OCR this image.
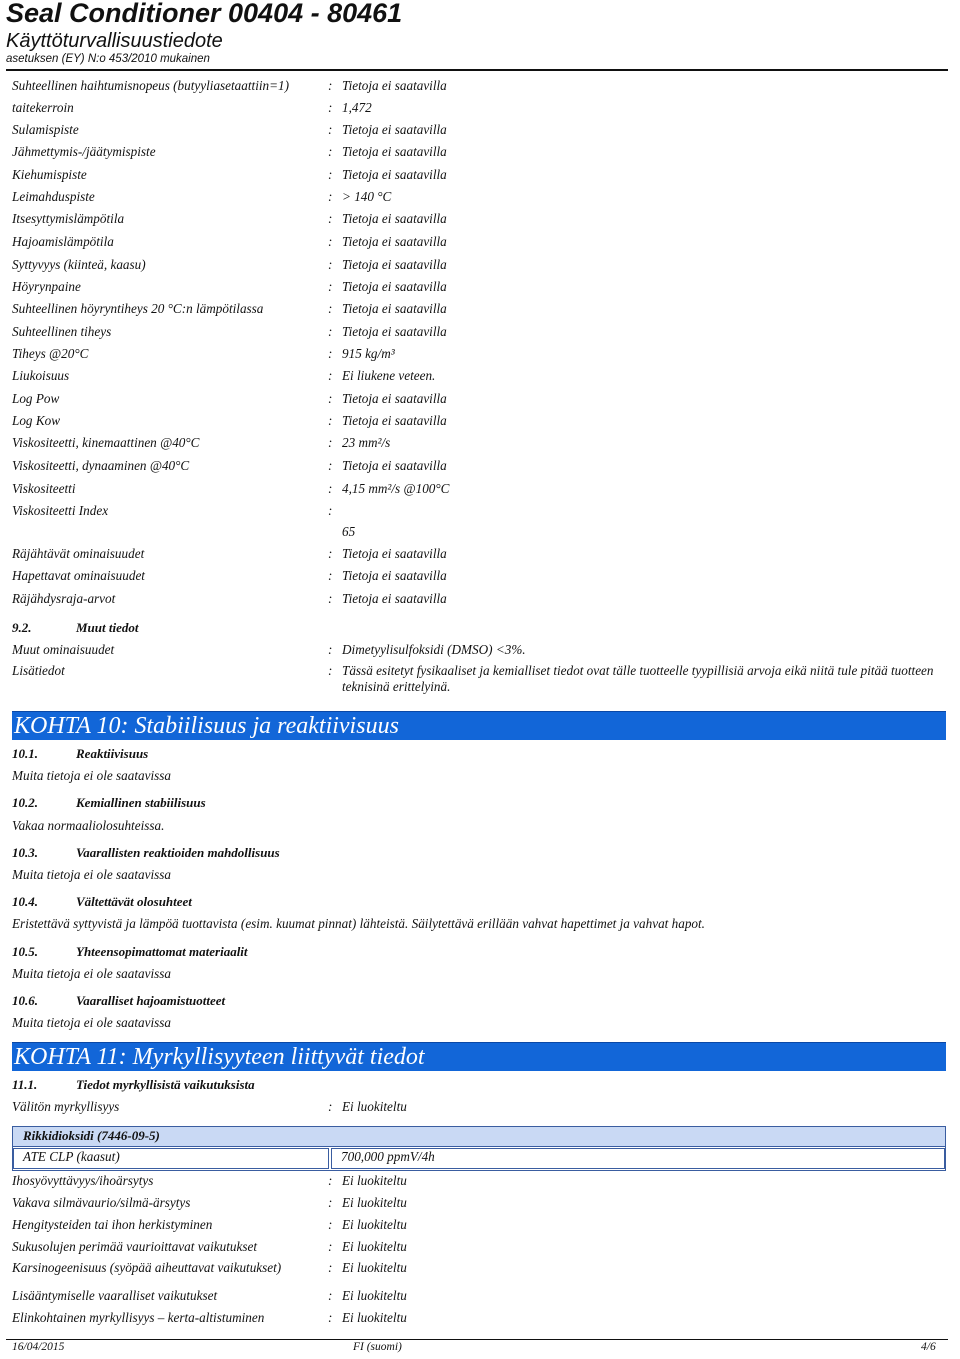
Seal Conditioner 00404 - 80461
Käyttöturvallisuustiedote
asetuksen (EY) N:o 453/2010 mukainen
Suhteellinen haihtumisnopeus (butyyliasetaattiin=1)	: Tietoja ei saatavilla
taitekerroin	: 1,472
Sulamispiste	: Tietoja ei saatavilla
Jähmettymis-/jäätymispiste	: Tietoja ei saatavilla
Kiehumispiste	: Tietoja ei saatavilla
Leimahduspiste	: > 140 °C
Itsesyttymislämpötila	: Tietoja ei saatavilla
Hajoamislämpötila	: Tietoja ei saatavilla
Syttyvyys (kiinteä, kaasu)	: Tietoja ei saatavilla
Höyrynpaine	: Tietoja ei saatavilla
Suhteellinen höyryntiheys 20 °C:n lämpötilassa	: Tietoja ei saatavilla
Suhteellinen tiheys	: Tietoja ei saatavilla
Tiheys @20°C	: 915 kg/m³
Liukoisuus	: Ei liukene veteen.
Log Pow	: Tietoja ei saatavilla
Log Kow	: Tietoja ei saatavilla
Viskositeetti, kinemaattinen @40°C	: 23 mm²/s
Viskositeetti, dynaaminen @40°C	: Tietoja ei saatavilla
Viskositeetti	: 4,15 mm²/s @100°C
Viskositeetti Index	:
65
Räjähtävät ominaisuudet	: Tietoja ei saatavilla
Hapettavat ominaisuudet	: Tietoja ei saatavilla
Räjähdysraja-arvot	: Tietoja ei saatavilla
9.2.	Muut tiedot
Muut ominaisuudet	: Dimetyylisulfoksidi (DMSO) <3%.
Lisätiedot	: Tässä esitetyt fysikaaliset ja kemialliset tiedot ovat tälle tuotteelle tyypillisiä arvoja eikä niitä tule pitää tuotteen teknisinä erittelyinä.
KOHTA 10: Stabiilisuus ja reaktiivisuus
10.1.	Reaktiivisuus
Muita tietoja ei ole saatavissa
10.2.	Kemiallinen stabiilisuus
Vakaa normaaliolosuhteissa.
10.3.	Vaarallisten reaktioiden mahdollisuus
Muita tietoja ei ole saatavissa
10.4.	Vältettävät olosuhteet
Eristettävä syttyvistä ja lämpöä tuottavista (esim. kuumat pinnat) lähteistä. Säilytettävä erillään vahvat hapettimet ja vahvat hapot.
10.5.	Yhteensopimattomat materiaalit
Muita tietoja ei ole saatavissa
10.6.	Vaaralliset hajoamistuotteet
Muita tietoja ei ole saatavissa
KOHTA 11: Myrkyllisyyteen liittyvät tiedot
11.1.	Tiedot myrkyllisistä vaikutuksista
Välitön myrkyllisyys	: Ei luokiteltu
Rikkidioksidi (7446-09-5)
ATE CLP (kaasut)	700,000 ppmV/4h
Ihosyövyttävyys/ihoärsytys	: Ei luokiteltu
Vakava silmävaurio/silmä-ärsytys	: Ei luokiteltu
Hengitysteiden tai ihon herkistyminen	: Ei luokiteltu
Sukusolujen perimää vaurioittavat vaikutukset	: Ei luokiteltu
Karsinogeenisuus (syöpää aiheuttavat vaikutukset)	: Ei luokiteltu
Lisääntymiselle vaaralliset vaikutukset	: Ei luokiteltu
Elinkohtainen myrkyllisyys – kerta-altistuminen	: Ei luokiteltu
16/04/2015	FI (suomi)	4/6
